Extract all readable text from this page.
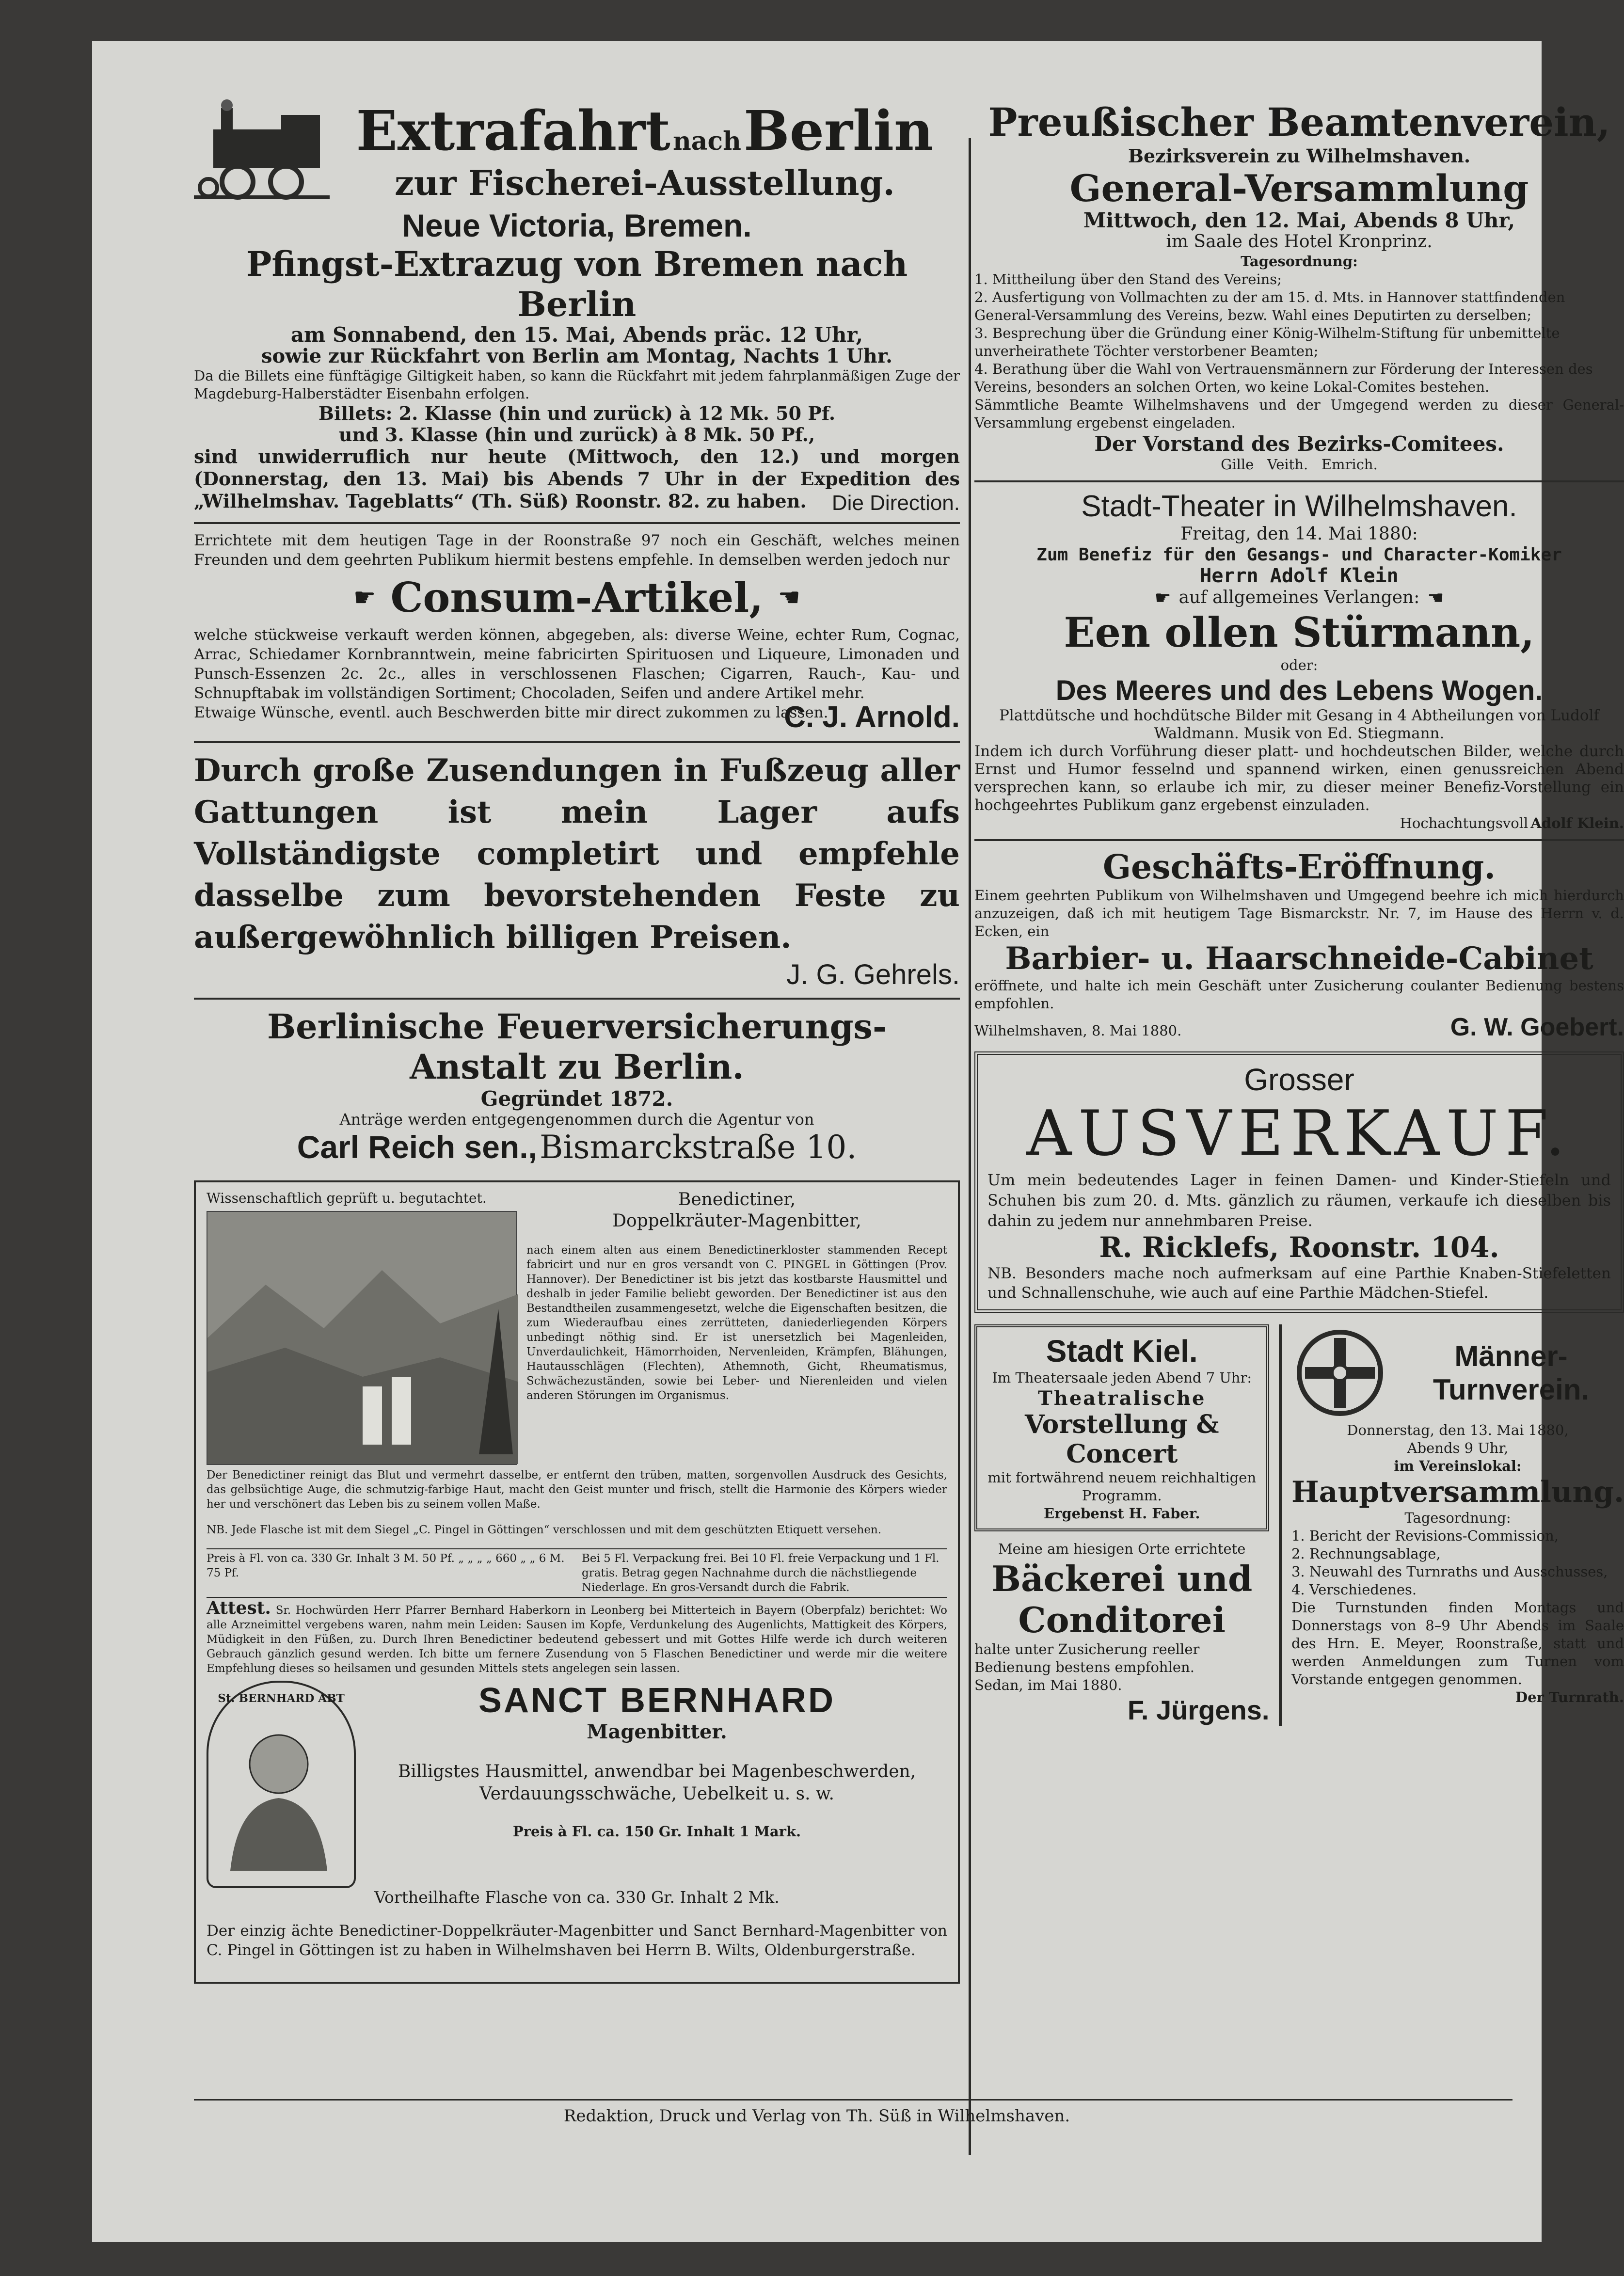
Extrafahrt nach Berlin
zur Fischerei-Ausstellung.
Neue Victoria, Bremen.
Pfingst-Extrazug von Bremen nach Berlin
am Sonnabend, den 15. Mai, Abends präc. 12 Uhr,
sowie zur Rückfahrt von Berlin am Montag, Nachts 1 Uhr.

Da die Billets eine fünftägige Giltigkeit haben, so kann die Rückfahrt mit jedem fahrplanmäßigen Zuge der Magdeburg-Halberstädter Eisenbahn erfolgen.

Billets: 2. Klasse (hin und zurück) à 12 Mk. 50 Pf.
und 3. Klasse (hin und zurück) à 8 Mk. 50 Pf.,

sind unwiderruflich nur heute (Mittwoch, den 12.) und morgen (Donnerstag, den 13. Mai) bis Abends 7 Uhr in der Expedition des „Wilhelmshav. Tageblatts“ (Th. Süß) Roonstr. 82. zu haben.	Die Direction.

Errichtete mit dem heutigen Tage in der Roonstraße 97 noch ein Geschäft, welches meinen Freunden und dem geehrten Publikum hiermit bestens empfehle. In demselben werden jedoch nur

☛ Consum-Artikel, ☚

welche stückweise verkauft werden können, abgegeben, als: diverse Weine, echter Rum, Cognac, Arrac, Schiedamer Kornbranntwein, meine fabricirten Spirituosen und Liqueure, Limonaden und Punsch-Essenzen 2c. 2c., alles in verschlossenen Flaschen; Cigarren, Rauch-, Kau- und Schnupftabak im vollständigen Sortiment; Chocoladen, Seifen und andere Artikel mehr.

Etwaige Wünsche, eventl. auch Beschwerden bitte mir direct zukommen zu lassen.

C. J. Arnold.

Durch große Zusendungen in Fußzeug aller Gattungen ist mein Lager aufs Vollständigste completirt und empfehle dasselbe zum bevorstehenden Feste zu außergewöhnlich billigen Preisen.

J. G. Gehrels.
Berlinische Feuerversicherungs-
Anstalt zu Berlin.
Gegründet 1872.
Anträge werden entgegengenommen durch die Agentur von
Carl Reich sen., Bismarckstraße 10.
Wissenschaftlich geprüft u. begutachtet.	Benedictiner,
Doppelkräuter-Magenbitter,

nach einem alten aus einem Benedictinerkloster stammenden Recept fabricirt und nur en gros versandt von C. PINGEL in Göttingen (Prov. Hannover). Der Benedictiner ist bis jetzt das kostbarste Hausmittel und deshalb in jeder Familie beliebt geworden. Der Benedictiner ist aus den Bestandtheilen zusammengesetzt, welche die Eigenschaften besitzen, die zum Wiederaufbau eines zerrütteten, daniederliegenden Körpers unbedingt nöthig sind. Er ist unersetzlich bei Magenleiden, Unverdaulichkeit, Hämorrhoiden, Nervenleiden, Krämpfen, Blähungen, Hautausschlägen (Flechten), Athemnoth, Gicht, Rheumatismus, Schwächezuständen, sowie bei Leber- und Nierenleiden und vielen anderen Störungen im Organismus.

Der Benedictiner reinigt das Blut und vermehrt dasselbe, er entfernt den trüben, matten, sorgenvollen Ausdruck des Gesichts, das gelbsüchtige Auge, die schmutzig-farbige Haut, macht den Geist munter und frisch, stellt die Harmonie des Körpers wieder her und verschönert das Leben bis zu seinem vollen Maße.

NB. Jede Flasche ist mit dem Siegel „C. Pingel in Göttingen“ verschlossen und mit dem geschützten Etiquett versehen.

Preis à Fl. von ca. 330 Gr. Inhalt 3 M. 50 Pf. „ „ „ „ 660 „ „ 6 M. 75 Pf.
Bei 5 Fl. Verpackung frei. Bei 10 Fl. freie Verpackung und 1 Fl. gratis. Betrag gegen Nachnahme durch die nächstliegende Niederlage. En gros-Versandt durch die Fabrik.

Attest. Sr. Hochwürden Herr Pfarrer Bernhard Haberkorn in Leonberg bei Mitterteich in Bayern (Oberpfalz) berichtet: Wo alle Arzneimittel vergebens waren, nahm mein Leiden: Sausen im Kopfe, Verdunkelung des Augenlichts, Mattigkeit des Körpers, Müdigkeit in den Füßen, zu. Durch Ihren Benedictiner bedeutend gebessert und mit Gottes Hilfe werde ich durch weiteren Gebrauch gänzlich gesund werden. Ich bitte um fernere Zusendung von 5 Flaschen Benedictiner und werde mir die weitere Empfehlung dieses so heilsamen und gesunden Mittels stets angelegen sein lassen.

St. BERNHARD ABT	SANCT BERNHARD
Magenbitter.

Billigstes Hausmittel, anwendbar bei Magenbeschwerden, Verdauungsschwäche, Uebelkeit u. s. w.

Preis à Fl. ca. 150 Gr. Inhalt 1 Mark.
Vortheilhafte Flasche von ca. 330 Gr. Inhalt 2 Mk.

Der einzig ächte Benedictiner-Doppelkräuter-Magenbitter und Sanct Bernhard-Magenbitter von C. Pingel in Göttingen ist zu haben in Wilhelmshaven bei Herrn B. Wilts, Oldenburgerstraße.

Preußischer Beamtenverein,
Bezirksverein zu Wilhelmshaven.
General-Versammlung
Mittwoch, den 12. Mai, Abends 8 Uhr,
im Saale des Hotel Kronprinz.
Tagesordnung:
1. Mittheilung über den Stand des Vereins;
2. Ausfertigung von Vollmachten zu der am 15. d. Mts. in Hannover stattfindenden General-Versammlung des Vereins, bezw. Wahl eines Deputirten zu derselben;
3. Besprechung über die Gründung einer König-Wilhelm-Stiftung für unbemittelte unverheirathete Töchter verstorbener Beamten;
4. Berathung über die Wahl von Vertrauensmännern zur Förderung der Interessen des Vereins, besonders an solchen Orten, wo keine Lokal-Comites bestehen.

Sämmtliche Beamte Wilhelmshavens und der Umgegend werden zu dieser General-Versammlung ergebenst eingeladen.

Der Vorstand des Bezirks-Comitees.
Gille   Veith.   Emrich.
Stadt-Theater in Wilhelmshaven.
Freitag, den 14. Mai 1880:
Zum Benefiz für den Gesangs- und Character-Komiker
Herrn Adolf Klein
☛ auf allgemeines Verlangen: ☚
Een ollen Stürmann,
oder:
Des Meeres und des Lebens Wogen.

Plattdütsche und hochdütsche Bilder mit Gesang in 4 Abtheilungen von Ludolf Waldmann. Musik von Ed. Stiegmann.

Indem ich durch Vorführung dieser platt- und hochdeutschen Bilder, welche durch Ernst und Humor fesselnd und spannend wirken, einen genussreichen Abend versprechen kann, so erlaube ich mir, zu dieser meiner Benefiz-Vorstellung ein hochgeehrtes Publikum ganz ergebenst einzuladen.

Hochachtungsvoll Adolf Klein.
Geschäfts-Eröffnung.

Einem geehrten Publikum von Wilhelmshaven und Umgegend beehre ich mich hierdurch anzuzeigen, daß ich mit heutigem Tage Bismarckstr. Nr. 7, im Hause des Herrn v. d. Ecken, ein

Barbier- u. Haarschneide-Cabinet

eröffnete, und halte ich mein Geschäft unter Zusicherung coulanter Bedienung bestens empfohlen.

Wilhelmshaven, 8. Mai 1880.	G. W. Goebert.
Grosser
AUSVERKAUF.

Um mein bedeutendes Lager in feinen Damen- und Kinder-Stiefeln und Schuhen bis zum 20. d. Mts. gänzlich zu räumen, verkaufe ich dieselben bis dahin zu jedem nur annehmbaren Preise.

R. Ricklefs, Roonstr. 104.

NB. Besonders mache noch aufmerksam auf eine Parthie Knaben-Stiefeletten und Schnallenschuhe, wie auch auf eine Parthie Mädchen-Stiefel.

Stadt Kiel.
Im Theatersaale jeden Abend 7 Uhr:
Theatralische
Vorstellung & Concert
mit fortwährend neuem reichhaltigen Programm.
Ergebenst H. Faber.
Meine am hiesigen Orte errichtete
Bäckerei und
Conditorei

halte unter Zusicherung reeller Bedienung bestens empfohlen.

Sedan, im Mai 1880.
F. Jürgens.
Männer-
Turnverein.
Donnerstag, den 13. Mai 1880,
Abends 9 Uhr,
im Vereinslokal:
Hauptversammlung.
Tagesordnung:
1. Bericht der Revisions-Commission,
2. Rechnungsablage,
3. Neuwahl des Turnraths und Ausschusses,
4. Verschiedenes.

Die Turnstunden finden Montags und Donnerstags von 8–9 Uhr Abends im Saale des Hrn. E. Meyer, Roonstraße, statt und werden Anmeldungen zum Turnen vom Vorstande entgegen genommen.

Der Turnrath.
Redaktion, Druck und Verlag von Th. Süß in Wilhelmshaven.
